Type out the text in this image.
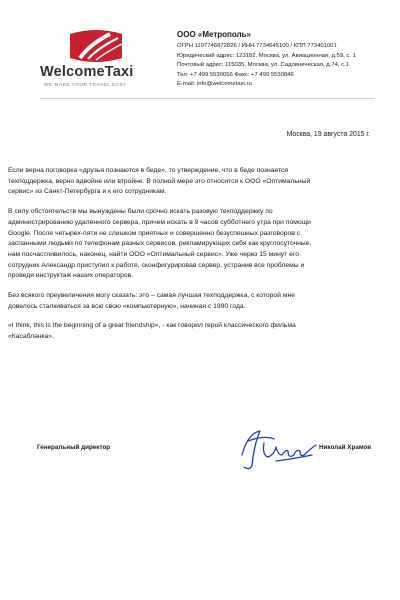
WelcomeTaxi
WE MAKE YOUR TRAVEL EASY
ООО «Метрополь»
ОГРН 1107746872826 / ИНН 7734645100 / КПП 773401001
Юридический адрес: 123182, Москва, ул. Авиационная, д.59, с. 1
Почтовый адрес: 115035, Москва, ул. Садовническая, д.74, с.1
Тел: +7 499 5530056 Факс: +7 499 5530846
E-mail: info@welcometaxi.ru
Москва, 19 августа 2015 г.

Если верна поговорка «друзья познаются в беде», то утверждение, что в беде познается
техподдержка, верно вдвойне или втройне. В полной мере это относится к ООО «Оптимальный
сервис» из Санкт-Петербурга и к его сотрудникам.

В силу обстоятельств мы вынуждены были срочно искать разовую техподдержку по
администрированию удаленного сервера, причем искать в 9 часов субботнего утра при помощи
Google. После четырех-пяти не слишком приятных и совершенно безуспешных разговоров с
заспанными людьми по телефонам разных сервисов, рекламирующих себя как круглосуточные,
нам посчастливилось, наконец, найти ООО «Оптимальный сервис». Уже через 15 минут его
сотрудник Александр приступил к работе, сконфигурировав сервер, устранив все проблемы и
проведя инструктаж наших операторов.

Без всякого преувеличения могу сказать: это – самая лучшая техподдержка, с которой мне
довелось сталкиваться за всю свою «компьютерную», начиная с 1990 года.

«I think, this is the beginning of a great friendship», - как говорил герой классического фильма
«Касабланка».

Генеральный директор	Николай Храмов
